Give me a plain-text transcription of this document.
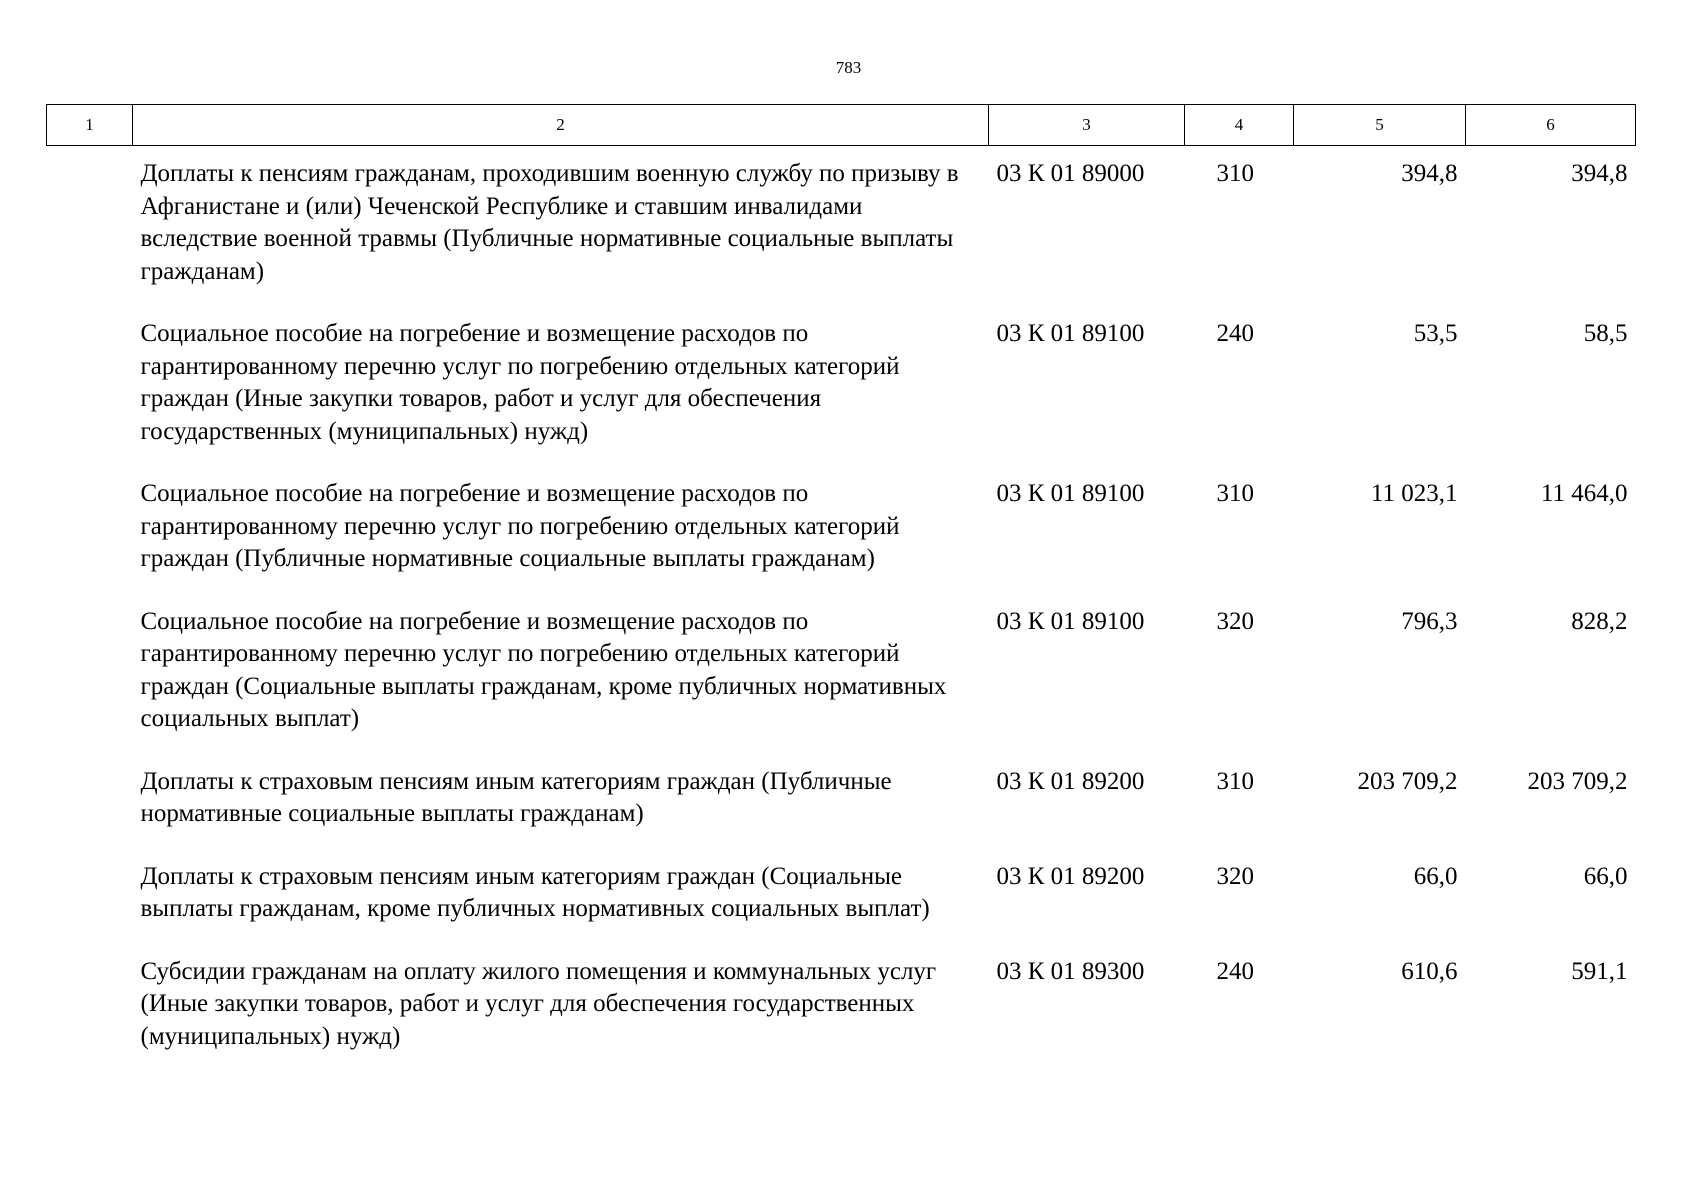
783
1	2	3	4	5	6
	Доплаты к пенсиям гражданам, проходившим военную службу по призыву в Афганистане и (или) Чеченской Республике и ставшим инвалидами вследствие военной травмы (Публичные нормативные социальные выплаты гражданам)	03 К 01 89000	310	394,8	394,8
	Социальное пособие на погребение и возмещение расходов по гарантированному перечню услуг по погребению отдельных категорий граждан (Иные закупки товаров, работ и услуг для обеспечения государственных (муниципальных) нужд)	03 К 01 89100	240	53,5	58,5
	Социальное пособие на погребение и возмещение расходов по гарантированному перечню услуг по погребению отдельных категорий граждан (Публичные нормативные социальные выплаты гражданам)	03 К 01 89100	310	11 023,1	11 464,0
	Социальное пособие на погребение и возмещение расходов по гарантированному перечню услуг по погребению отдельных категорий граждан (Социальные выплаты гражданам, кроме публичных нормативных социальных выплат)	03 К 01 89100	320	796,3	828,2
	Доплаты к страховым пенсиям иным категориям граждан (Публичные нормативные социальные выплаты гражданам)	03 К 01 89200	310	203 709,2	203 709,2
	Доплаты к страховым пенсиям иным категориям граждан (Социальные выплаты гражданам, кроме публичных нормативных социальных выплат)	03 К 01 89200	320	66,0	66,0
	Субсидии гражданам на оплату жилого помещения и коммунальных услуг (Иные закупки товаров, работ и услуг для обеспечения государственных (муниципальных) нужд)	03 К 01 89300	240	610,6	591,1
